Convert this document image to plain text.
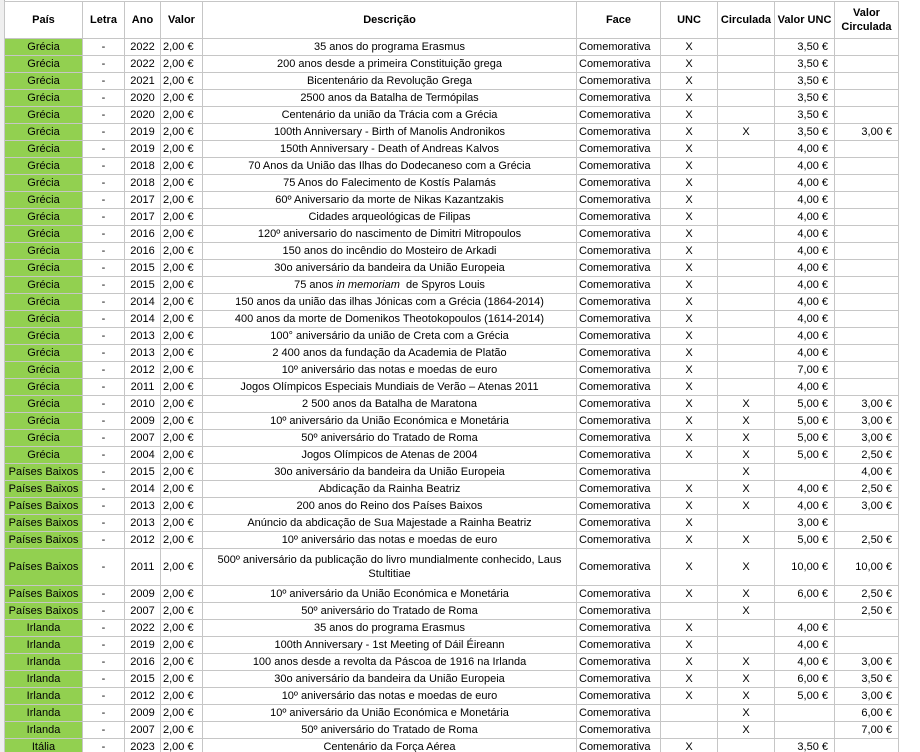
País	Letra	Ano	Valor	Descrição	Face	UNC	Circulada	Valor UNC	Valor Circulada
Grécia	-	2022	2,00 €	35 anos do programa Erasmus	Comemorativa	X		3,50 €	
Grécia	-	2022	2,00 €	200 anos desde a primeira Constituição grega	Comemorativa	X		3,50 €	
Grécia	-	2021	2,00 €	Bicentenário da Revolução Grega	Comemorativa	X		3,50 €	
Grécia	-	2020	2,00 €	2500 anos da Batalha de Termópilas	Comemorativa	X		3,50 €	
Grécia	-	2020	2,00 €	Centenário da união da Trácia com a Grécia	Comemorativa	X		3,50 €	
Grécia	-	2019	2,00 €	100th Anniversary - Birth of Manolis Andronikos	Comemorativa	X	X	3,50 €	3,00 €
Grécia	-	2019	2,00 €	150th Anniversary - Death of Andreas Kalvos	Comemorativa	X		4,00 €	
Grécia	-	2018	2,00 €	70 Anos da União das Ilhas do Dodecaneso com a Grécia	Comemorativa	X		4,00 €	
Grécia	-	2018	2,00 €	75 Anos do Falecimento de Kostís Palamás	Comemorativa	X		4,00 €	
Grécia	-	2017	2,00 €	60º Aniversario da morte de Nikas Kazantzakis	Comemorativa	X		4,00 €	
Grécia	-	2017	2,00 €	Cidades arqueológicas de Filipas	Comemorativa	X		4,00 €	
Grécia	-	2016	2,00 €	120º aniversario do nascimento de Dimitri Mitropoulos	Comemorativa	X		4,00 €	
Grécia	-	2016	2,00 €	150 anos do incêndio do Mosteiro de Arkadi	Comemorativa	X		4,00 €	
Grécia	-	2015	2,00 €	30o aniversário da bandeira da União Europeia	Comemorativa	X		4,00 €	
Grécia	-	2015	2,00 €	75 anos in memoriam  de Spyros Louis	Comemorativa	X		4,00 €	
Grécia	-	2014	2,00 €	150 anos da união das ilhas Jónicas com a Grécia (1864-2014)	Comemorativa	X		4,00 €	
Grécia	-	2014	2,00 €	400 anos da morte de Domenikos Theotokopoulos (1614-2014)	Comemorativa	X		4,00 €	
Grécia	-	2013	2,00 €	100° aniversário da união de Creta com a Grécia	Comemorativa	X		4,00 €	
Grécia	-	2013	2,00 €	2 400 anos da fundação da Academia de Platão	Comemorativa	X		4,00 €	
Grécia	-	2012	2,00 €	10º aniversário das notas e moedas de euro	Comemorativa	X		7,00 €	
Grécia	-	2011	2,00 €	Jogos Olímpicos Especiais Mundiais de Verão – Atenas 2011	Comemorativa	X		4,00 €	
Grécia	-	2010	2,00 €	2 500 anos da Batalha de Maratona	Comemorativa	X	X	5,00 €	3,00 €
Grécia	-	2009	2,00 €	10º aniversário da União Económica e Monetária	Comemorativa	X	X	5,00 €	3,00 €
Grécia	-	2007	2,00 €	50º aniversário do Tratado de Roma	Comemorativa	X	X	5,00 €	3,00 €
Grécia	-	2004	2,00 €	Jogos Olímpicos de Atenas de 2004	Comemorativa	X	X	5,00 €	2,50 €
Países Baixos	-	2015	2,00 €	30o aniversário da bandeira da União Europeia	Comemorativa		X		4,00 €
Países Baixos	-	2014	2,00 €	Abdicação da Rainha Beatriz	Comemorativa	X	X	4,00 €	2,50 €
Países Baixos	-	2013	2,00 €	200 anos do Reino dos Países Baixos	Comemorativa	X	X	4,00 €	3,00 €
Países Baixos	-	2013	2,00 €	Anúncio da abdicação de Sua Majestade a Rainha Beatriz	Comemorativa	X		3,00 €	
Países Baixos	-	2012	2,00 €	10º aniversário das notas e moedas de euro	Comemorativa	X	X	5,00 €	2,50 €
Países Baixos	-	2011	2,00 €	500º aniversário da publicação do livro mundialmente conhecido, Laus Stultitiae	Comemorativa	X	X	10,00 €	10,00 €
Países Baixos	-	2009	2,00 €	10º aniversário da União Económica e Monetária	Comemorativa	X	X	6,00 €	2,50 €
Países Baixos	-	2007	2,00 €	50º aniversário do Tratado de Roma	Comemorativa		X		2,50 €
Irlanda	-	2022	2,00 €	35 anos do programa Erasmus	Comemorativa	X		4,00 €	
Irlanda	-	2019	2,00 €	100th Anniversary - 1st Meeting of Dáil Éireann	Comemorativa	X		4,00 €	
Irlanda	-	2016	2,00 €	100 anos desde a revolta da Páscoa de 1916 na Irlanda	Comemorativa	X	X	4,00 €	3,00 €
Irlanda	-	2015	2,00 €	30o aniversário da bandeira da União Europeia	Comemorativa	X	X	6,00 €	3,50 €
Irlanda	-	2012	2,00 €	10º aniversário das notas e moedas de euro	Comemorativa	X	X	5,00 €	3,00 €
Irlanda	-	2009	2,00 €	10º aniversário da União Económica e Monetária	Comemorativa		X		6,00 €
Irlanda	-	2007	2,00 €	50º aniversário do Tratado de Roma	Comemorativa		X		7,00 €
Itália	-	2023	2,00 €	Centenário da Força Aérea	Comemorativa	X		3,50 €	
